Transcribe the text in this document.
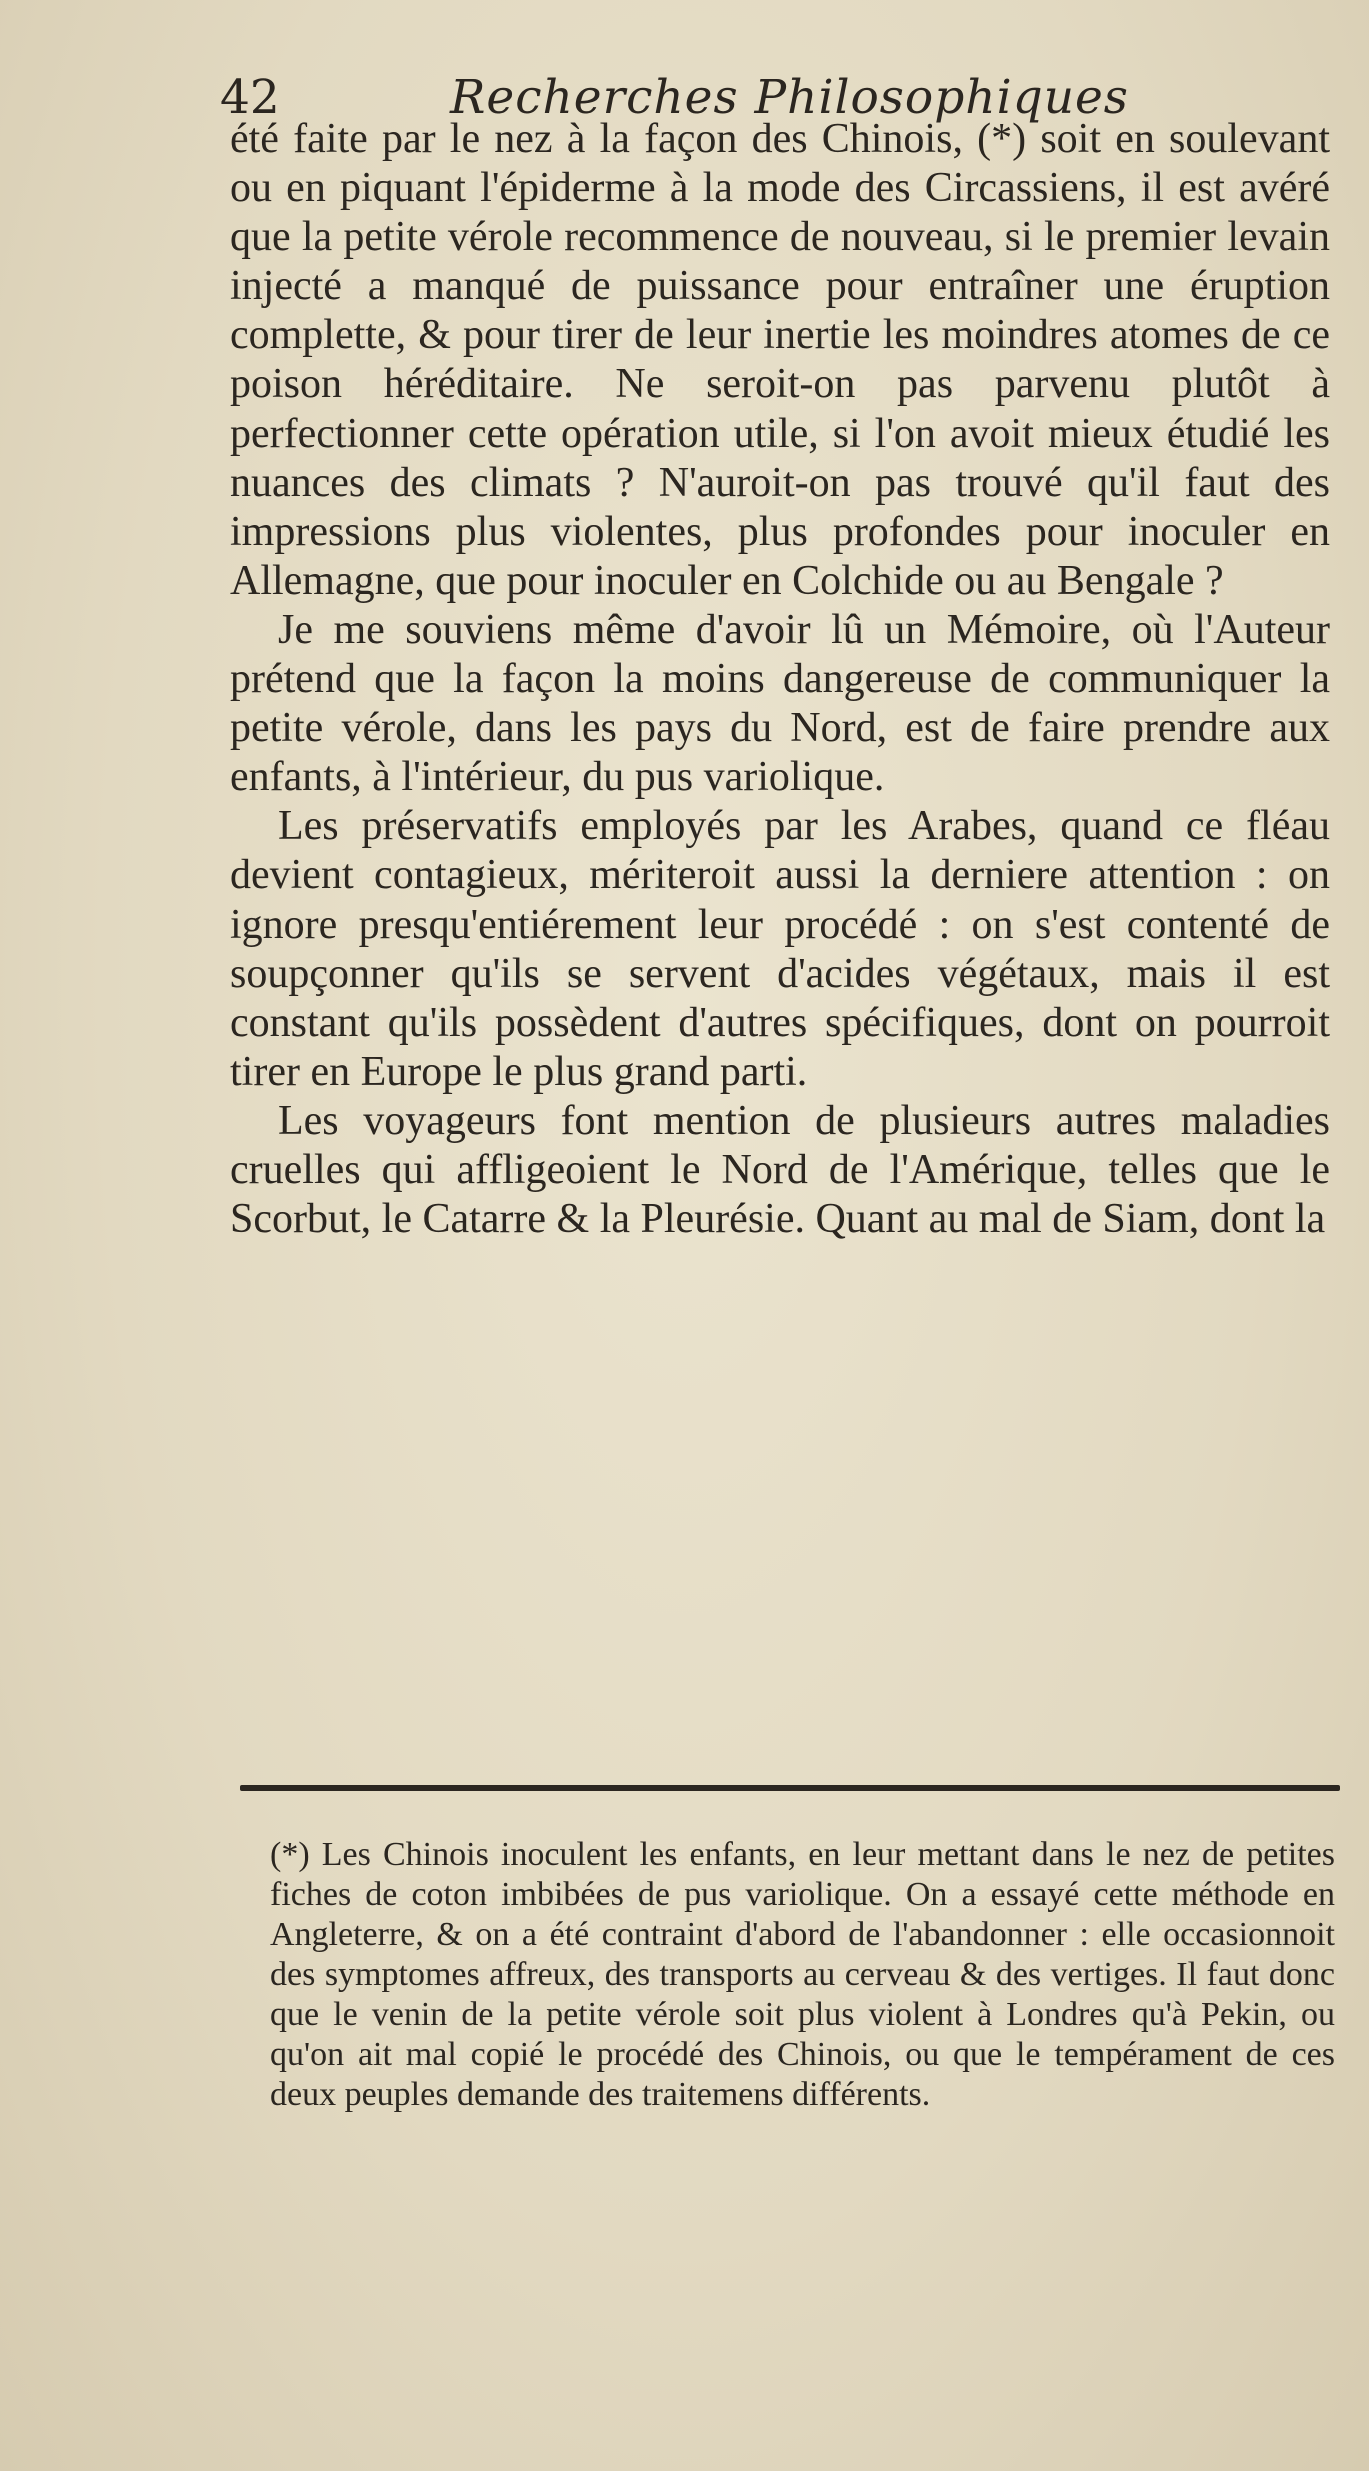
42	Recherches Philosophiques

été faite par le nez à la façon des Chinois, (*) soit en soulevant ou en piquant l'épiderme à la mode des Circassiens, il est avéré que la petite vérole recommence de nouveau, si le premier levain injecté a manqué de puissance pour entraîner une éruption complette, & pour tirer de leur inertie les moindres atomes de ce poison héréditaire. Ne seroit-on pas parvenu plutôt à perfectionner cette opération utile, si l'on avoit mieux étudié les nuances des climats ? N'auroit-on pas trouvé qu'il faut des impressions plus violentes, plus profondes pour inoculer en Allemagne, que pour inoculer en Colchide ou au Bengale ?

Je me souviens même d'avoir lû un Mémoire, où l'Auteur prétend que la façon la moins dangereuse de communiquer la petite vérole, dans les pays du Nord, est de faire prendre aux enfants, à l'intérieur, du pus variolique.

Les préservatifs employés par les Arabes, quand ce fléau devient contagieux, mériteroit aussi la derniere attention : on ignore presqu'entiérement leur procédé : on s'est contenté de soupçonner qu'ils se servent d'acides végétaux, mais il est constant qu'ils possèdent d'autres spécifiques, dont on pourroit tirer en Europe le plus grand parti.

Les voyageurs font mention de plusieurs autres maladies cruelles qui affligeoient le Nord de l'Amérique, telles que le Scorbut, le Catarre & la Pleurésie. Quant au mal de Siam, dont la

(*) Les Chinois inoculent les enfants, en leur mettant dans le nez de petites fiches de coton imbibées de pus variolique. On a essayé cette méthode en Angleterre, & on a été contraint d'abord de l'abandonner : elle occasionnoit des symptomes affreux, des transports au cerveau & des vertiges. Il faut donc que le venin de la petite vérole soit plus violent à Londres qu'à Pekin, ou qu'on ait mal copié le procédé des Chinois, ou que le tempérament de ces deux peuples demande des traitemens différents.
